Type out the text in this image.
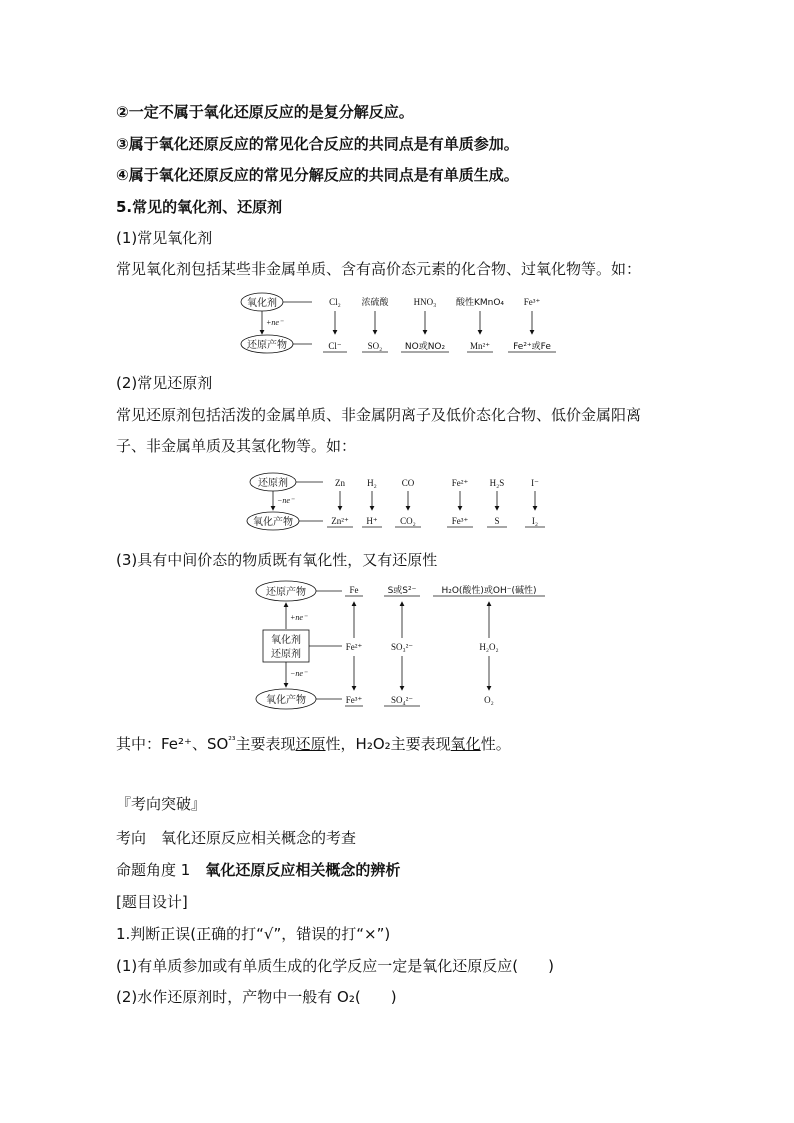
②一定不属于氧化还原反应的是复分解反应。
③属于氧化还原反应的常见化合反应的共同点是有单质参加。
④属于氧化还原反应的常见分解反应的共同点是有单质生成。
5.常见的氧化剂、还原剂
(1)常见氧化剂
常见氧化剂包括某些非金属单质、含有高价态元素的化合物、过氧化物等。如：
氧化剂
+ne⁻
还原产物
Cl₂
Cl⁻
浓硫酸
SO₂
HNO₃
NO或NO₂
酸性KMnO₄
Mn²⁺
Fe³⁺
Fe²⁺或Fe
(2)常见还原剂
常见还原剂包括活泼的金属单质、非金属阴离子及低价态化合物、低价金属阳离
子、非金属单质及其氢化物等。如：
还原剂
−ne⁻
氧化产物
Zn
Zn²⁺
H₂
H⁺
CO
CO₂
Fe²⁺
Fe³⁺
H₂S
S
I⁻
I₂
(3)具有中间价态的物质既有氧化性，又有还原性
还原产物
+ne⁻
氧化剂
还原剂
−ne⁻
氧化产物
Fe
Fe²⁺
Fe³⁺
S或S²⁻
SO₃²⁻
SO₄²⁻
H₂O(酸性)或OH⁻(碱性)
H₂O₂
O₂
其中：Fe²⁺、$SO^{^{23}}$主要表现还原性，H₂O₂主要表现氧化性。
『考向突破』
考向　氧化还原反应相关概念的考查
命题角度 1　氧化还原反应相关概念的辨析
[题目设计]
1.判断正误(正确的打“√”，错误的打“×”)
(1)有单质参加或有单质生成的化学反应一定是氧化还原反应(　　)
(2)水作还原剂时，产物中一般有 O₂(　　)
